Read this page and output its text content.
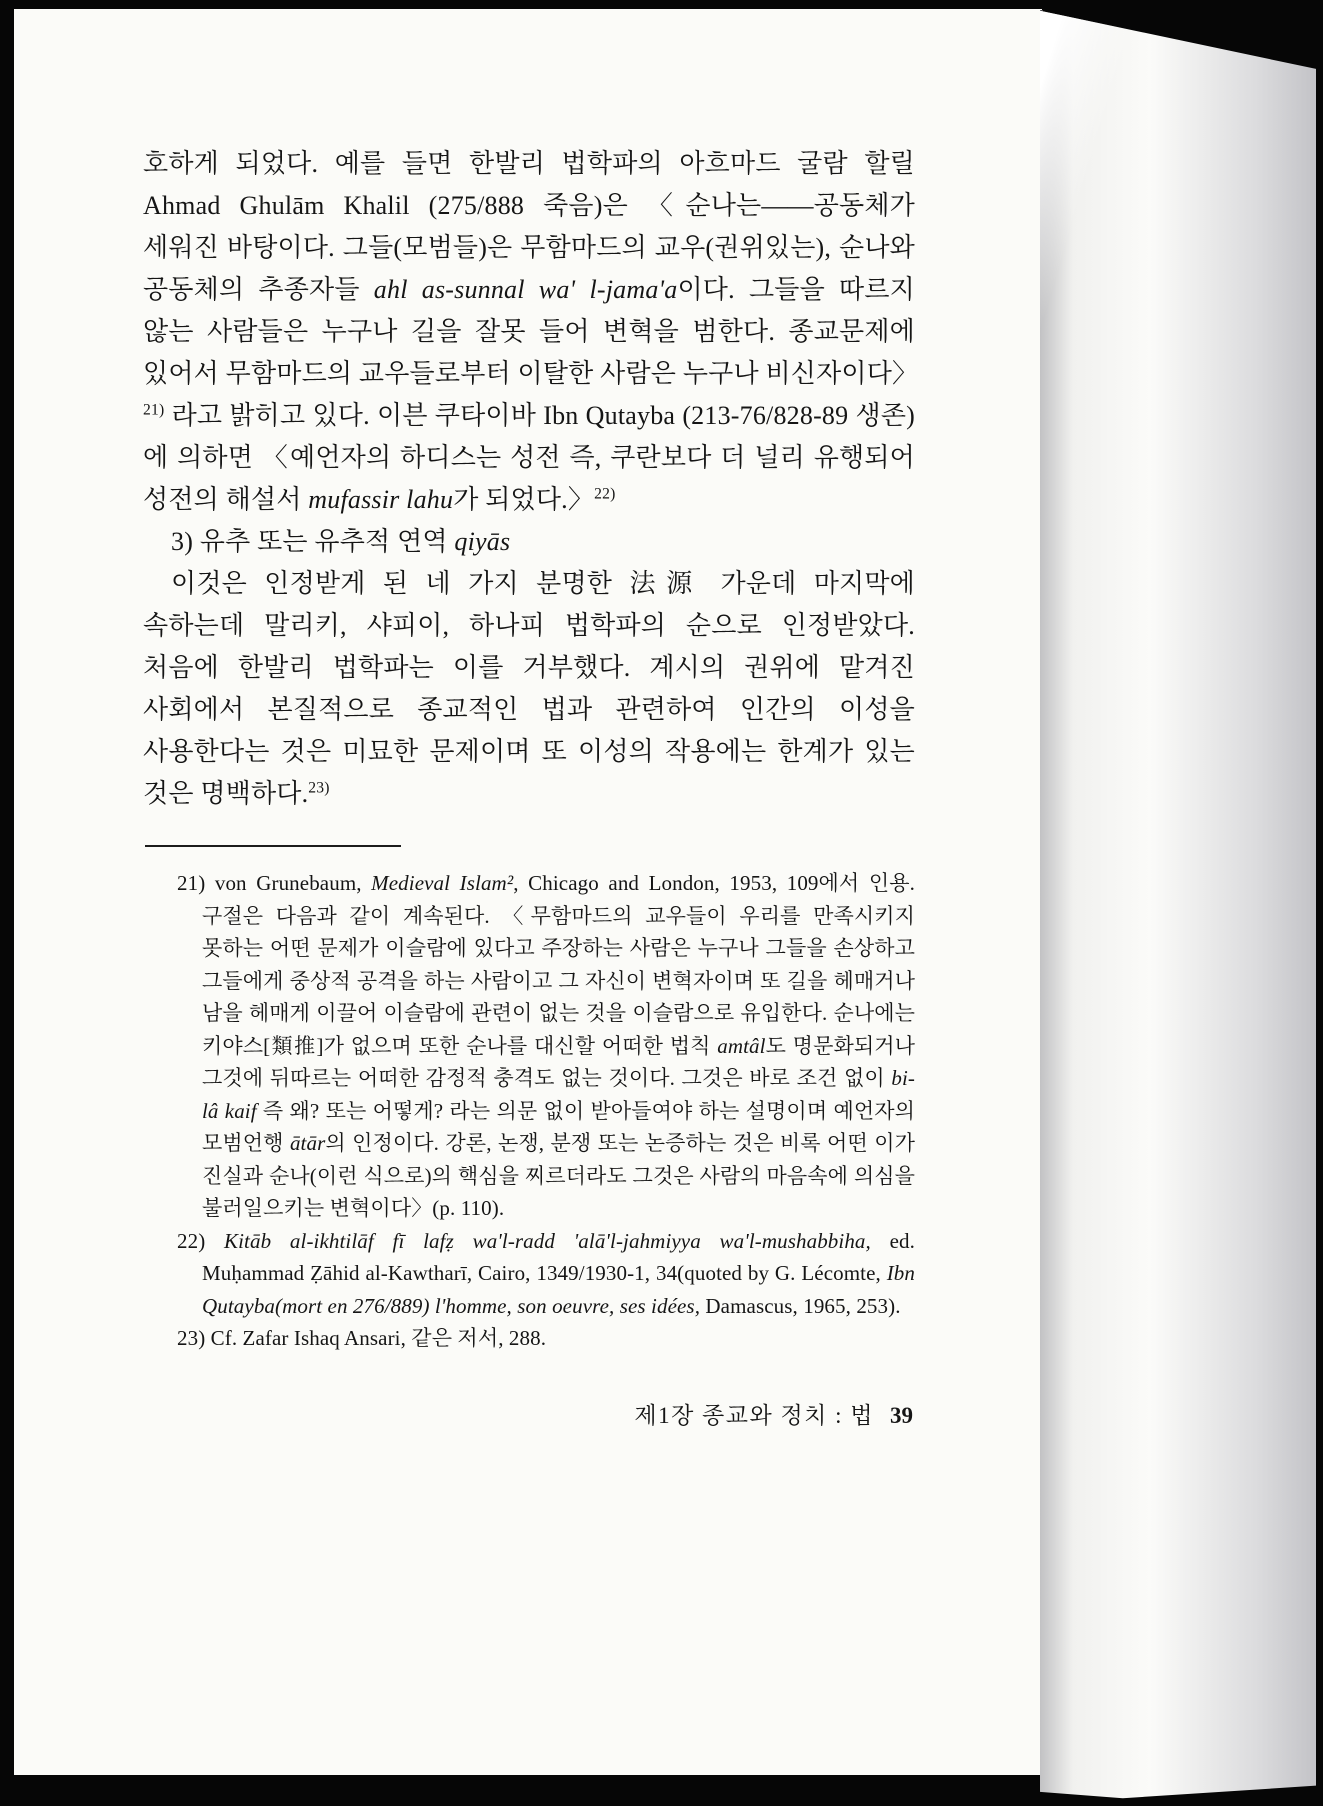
호하게 되었다. 예를 들면 한발리 법학파의 아흐마드 굴람 할릴 Ahmad Ghulām Khalil (275/888 죽음)은 〈순나는——공동체가 세워진 바탕이다. 그들(모범들)은 무함마드의 교우(권위있는), 순나와 공동체의 추종자들 ahl as-sunnal wa' l-jama'a이다. 그들을 따르지 않는 사람들은 누구나 길을 잘못 들어 변혁을 범한다. 종교문제에 있어서 무함마드의 교우들로부터 이탈한 사람은 누구나 비신자이다〉$^{21)}$ 라고 밝히고 있다. 이븐 쿠타이바 Ibn Qutayba (213-76/828-89 생존)에 의하면 〈예언자의 하디스는 성전 즉, 쿠란보다 더 널리 유행되어 성전의 해설서 mufassir lahu가 되었다.〉$^{22)}$

3) 유추 또는 유추적 연역 qiyās

이것은 인정받게 된 네 가지 분명한 法源 가운데 마지막에 속하는데 말리키, 샤피이, 하나피 법학파의 순으로 인정받았다. 처음에 한발리 법학파는 이를 거부했다. 계시의 권위에 맡겨진 사회에서 본질적으로 종교적인 법과 관련하여 인간의 이성을 사용한다는 것은 미묘한 문제이며 또 이성의 작용에는 한계가 있는 것은 명백하다.$^{23)}$

21) von Grunebaum, Medieval Islam², Chicago and London, 1953, 109에서 인용. 구절은 다음과 같이 계속된다. 〈무함마드의 교우들이 우리를 만족시키지 못하는 어떤 문제가 이슬람에 있다고 주장하는 사람은 누구나 그들을 손상하고 그들에게 중상적 공격을 하는 사람이고 그 자신이 변혁자이며 또 길을 헤매거나 남을 헤매게 이끌어 이슬람에 관련이 없는 것을 이슬람으로 유입한다. 순나에는 키야스[類推]가 없으며 또한 순나를 대신할 어떠한 법칙 amtâl도 명문화되거나 그것에 뒤따르는 어떠한 감정적 충격도 없는 것이다. 그것은 바로 조건 없이 bi-lâ kaif 즉 왜? 또는 어떻게? 라는 의문 없이 받아들여야 하는 설명이며 예언자의 모범언행 ātār의 인정이다. 강론, 논쟁, 분쟁 또는 논증하는 것은 비록 어떤 이가 진실과 순나(이런 식으로)의 핵심을 찌르더라도 그것은 사람의 마음속에 의심을 불러일으키는 변혁이다〉(p. 110).
22) Kitāb al-ikhtilāf fī lafẓ wa'l-radd 'alā'l-jahmiyya wa'l-mushabbiha, ed. Muḥammad Ẓāhid al-Kawtharī, Cairo, 1349/1930-1, 34(quoted by G. Lécomte, Ibn Qutayba(mort en 276/889) l'homme, son oeuvre, ses idées, Damascus, 1965, 253).
23) Cf. Zafar Ishaq Ansari, 같은 저서, 288.
제1장 종교와 정치 : 법 39
